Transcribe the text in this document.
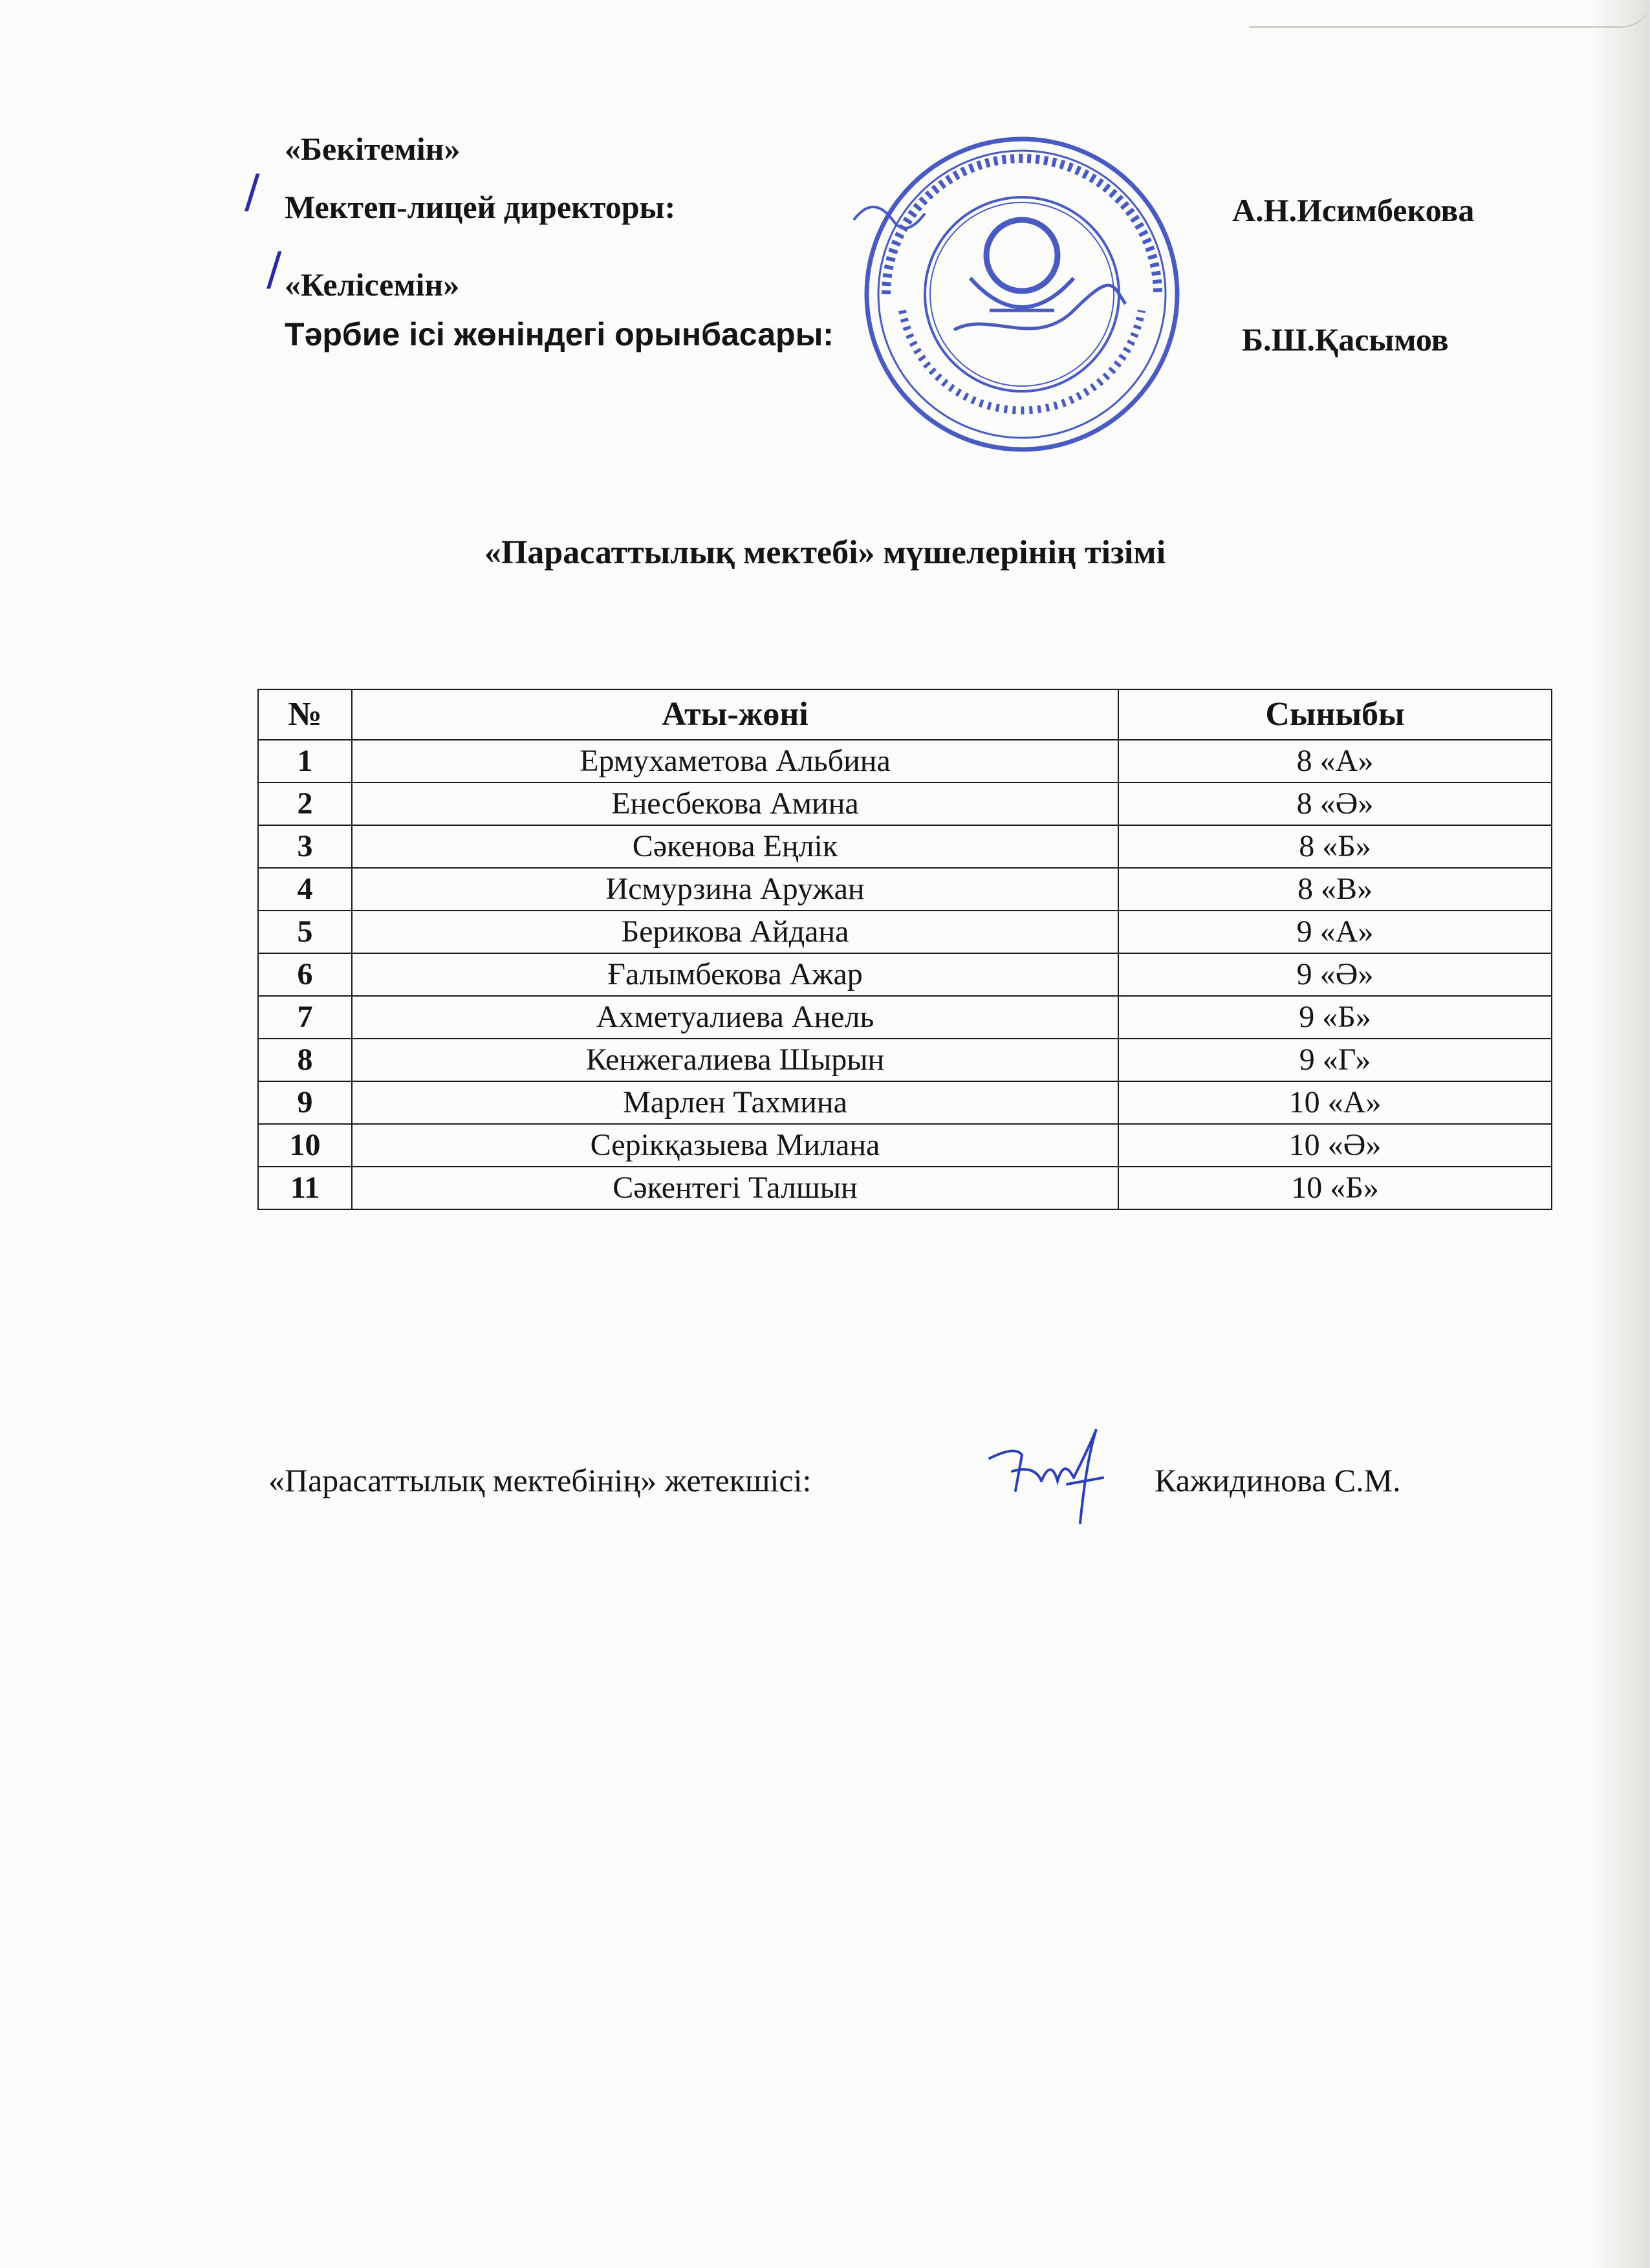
«Бекітемін»
Мектеп-лицей директоры:	А.Н.Исимбекова
«Келісемін»
Тәрбие ісі жөніндегі орынбасары:	Б.Ш.Қасымов
/
/
«Парасаттылық мектебі» мүшелерінің тізімі
№	Аты-жөні	Сыныбы
1	Ермухаметова Альбина	8 «А»
2	Енесбекова Амина	8 «Ә»
3	Сәкенова Еңлік	8 «Б»
4	Исмурзина Аружан	8 «В»
5	Берикова Айдана	9 «А»
6	Ғалымбекова Ажар	9 «Ә»
7	Ахметуалиева Анель	9 «Б»
8	Кенжегалиева Шырын	9 «Г»
9	Марлен Тахмина	10 «А»
10	Серікқазыева Милана	10 «Ә»
11	Сәкентегі Талшын	10 «Б»
«Парасаттылық мектебінің» жетекшісі:	Кажидинова С.М.
